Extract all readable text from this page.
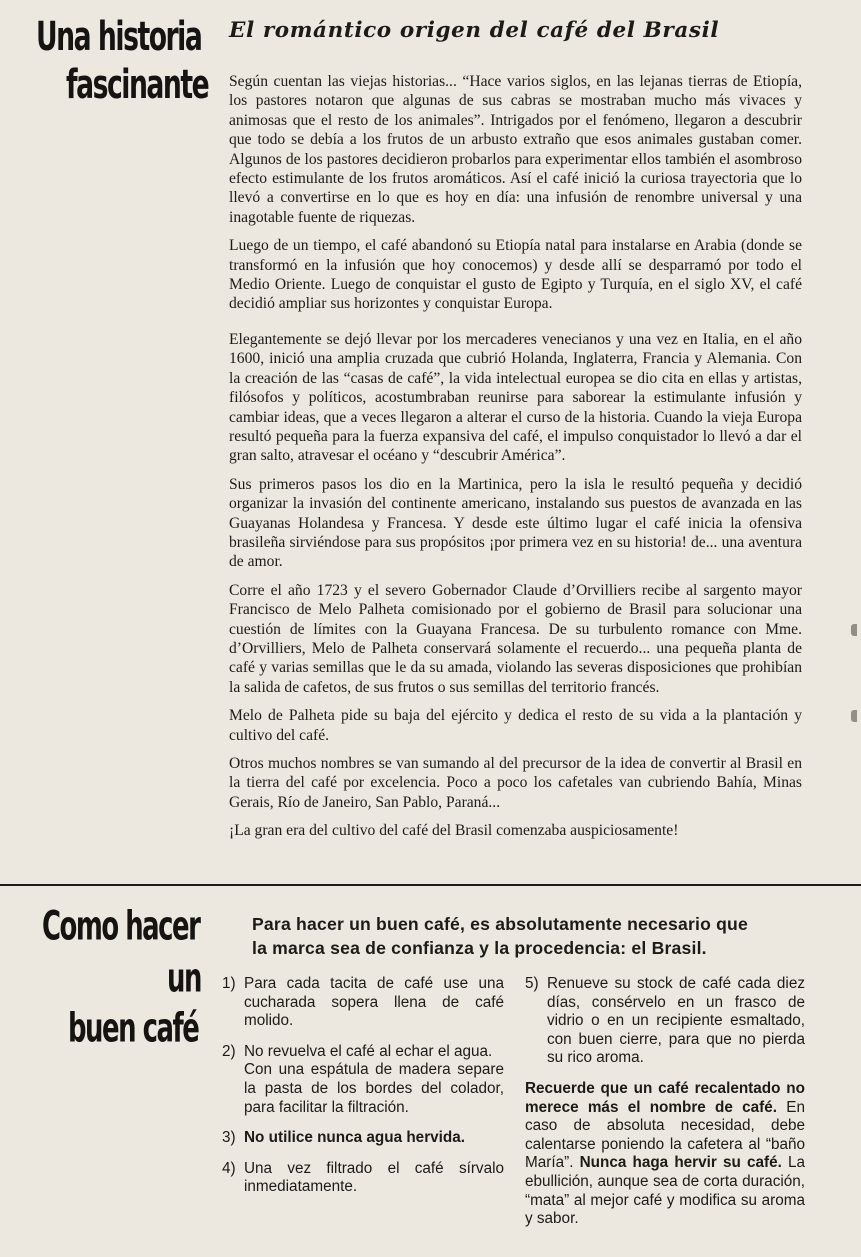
Una historia
fascinante
El romántico origen del café del Brasil

Según cuentan las viejas historias... “Hace varios siglos, en las lejanas tierras de Etiopía, los pastores notaron que algunas de sus cabras se mostraban mucho más vivaces y animosas que el resto de los animales”. Intrigados por el fenómeno, llegaron a descubrir que todo se debía a los frutos de un arbusto extraño que esos animales gustaban comer. Algunos de los pastores decidieron probarlos para experimentar ellos también el asombroso efecto estimulante de los frutos aromáticos. Así el café inició la curiosa trayectoria que lo llevó a convertirse en lo que es hoy en día: una infusión de renombre universal y una inagotable fuente de riquezas.

Luego de un tiempo, el café abandonó su Etiopía natal para instalarse en Arabia (donde se transformó en la infusión que hoy conocemos) y desde allí se desparramó por todo el Medio Oriente. Luego de conquistar el gusto de Egipto y Turquía, en el siglo XV, el café decidió ampliar sus horizontes y conquistar Europa.

Elegantemente se dejó llevar por los mercaderes venecianos y una vez en Italia, en el año 1600, inició una amplia cruzada que cubrió Holanda, Inglaterra, Francia y Alemania. Con la creación de las “casas de café”, la vida intelectual europea se dio cita en ellas y artistas, filósofos y políticos, acostumbraban reunirse para saborear la estimulante infusión y cambiar ideas, que a veces llegaron a alterar el curso de la historia. Cuando la vieja Europa resultó pequeña para la fuerza expansiva del café, el impulso conquistador lo llevó a dar el gran salto, atravesar el océano y “descubrir América”.

Sus primeros pasos los dio en la Martinica, pero la isla le resultó pequeña y decidió organizar la invasión del continente americano, instalando sus puestos de avanzada en las Guayanas Holandesa y Francesa. Y desde este último lugar el café inicia la ofensiva brasileña sirviéndose para sus propósitos ¡por primera vez en su historia! de... una aventura de amor.

Corre el año 1723 y el severo Gobernador Claude d’Orvilliers recibe al sargento mayor Francisco de Melo Palheta comisionado por el gobierno de Brasil para solucionar una cuestión de límites con la Guayana Francesa. De su turbulento romance con Mme. d’Orvilliers, Melo de Palheta conservará solamente el recuerdo... una pequeña planta de café y varias semillas que le da su amada, violando las severas disposiciones que prohibían la salida de cafetos, de sus frutos o sus semillas del territorio francés.

Melo de Palheta pide su baja del ejército y dedica el resto de su vida a la plantación y cultivo del café.

Otros muchos nombres se van sumando al del precursor de la idea de convertir al Brasil en la tierra del café por excelencia. Poco a poco los cafetales van cubriendo Bahía, Minas Gerais, Río de Janeiro, San Pablo, Paraná...

¡La gran era del cultivo del café del Brasil comenzaba auspiciosamente!

Como hacer
un
buen café
Para hacer un buen café, es absolutamente necesario que
la marca sea de confianza y la procedencia: el Brasil.
1) Para cada tacita de café use una cucharada sopera llena de café molido.
2) No revuelva el café al echar el agua.
Con una espátula de madera separe la pasta de los bordes del colador, para facilitar la filtración.
3) No utilice nunca agua hervida.
4) Una vez filtrado el café sírvalo inmediatamente.
5) Renueve su stock de café cada diez días, consérvelo en un frasco de vidrio o en un recipiente esmaltado, con buen cierre, para que no pierda su rico aroma.
Recuerde que un café recalentado no merece más el nombre de café. En caso de absoluta necesidad, debe calentarse poniendo la cafetera al “baño María”. Nunca haga hervir su café. La ebullición, aunque sea de corta duración, “mata” al mejor café y modifica su aroma y sabor.
